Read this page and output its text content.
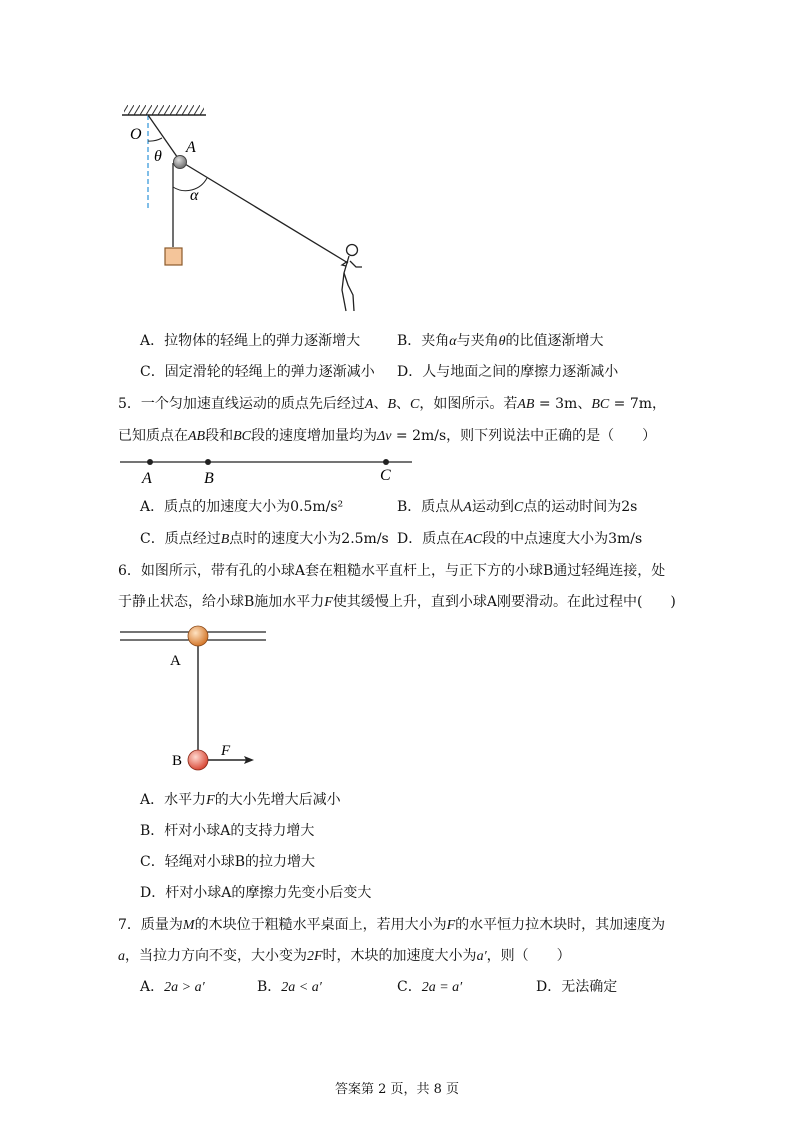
O
θ
A
α
A．拉物体的轻绳上的弹力逐渐增大	B．夹角α与夹角θ的比值逐渐增大
C．固定滑轮的轻绳上的弹力逐渐减小 D．人与地面之间的摩擦力逐渐减小
5．一个匀加速直线运动的质点先后经过A、B、C，如图所示。若AB = 3m、BC = 7m，
已知质点在AB段和BC段的速度增加量均为Δv = 2m/s，则下列说法中正确的是（　　）
A	B	C
A．质点的加速度大小为0.5m/s²	B．质点从A运动到C点的运动时间为2s
C．质点经过B点时的速度大小为2.5m/s D．质点在AC段的中点速度大小为3m/s
6．如图所示，带有孔的小球A套在粗糙水平直杆上，与正下方的小球B通过轻绳连接，处
于静止状态，给小球B施加水平力F使其缓慢上升，直到小球A刚要滑动。在此过程中(　　)
A
B
F
A．水平力F的大小先增大后减小
B．杆对小球A的支持力增大
C．轻绳对小球B的拉力增大
D．杆对小球A的摩擦力先变小后变大
7．质量为M的木块位于粗糙水平桌面上，若用大小为F的水平恒力拉木块时，其加速度为
a，当拉力方向不变，大小变为2F时，木块的加速度大小为a′，则（　　）
A．2a > a′	B．2a < a′	C．2a = a′	D．无法确定
答案第 2 页，共 8 页
